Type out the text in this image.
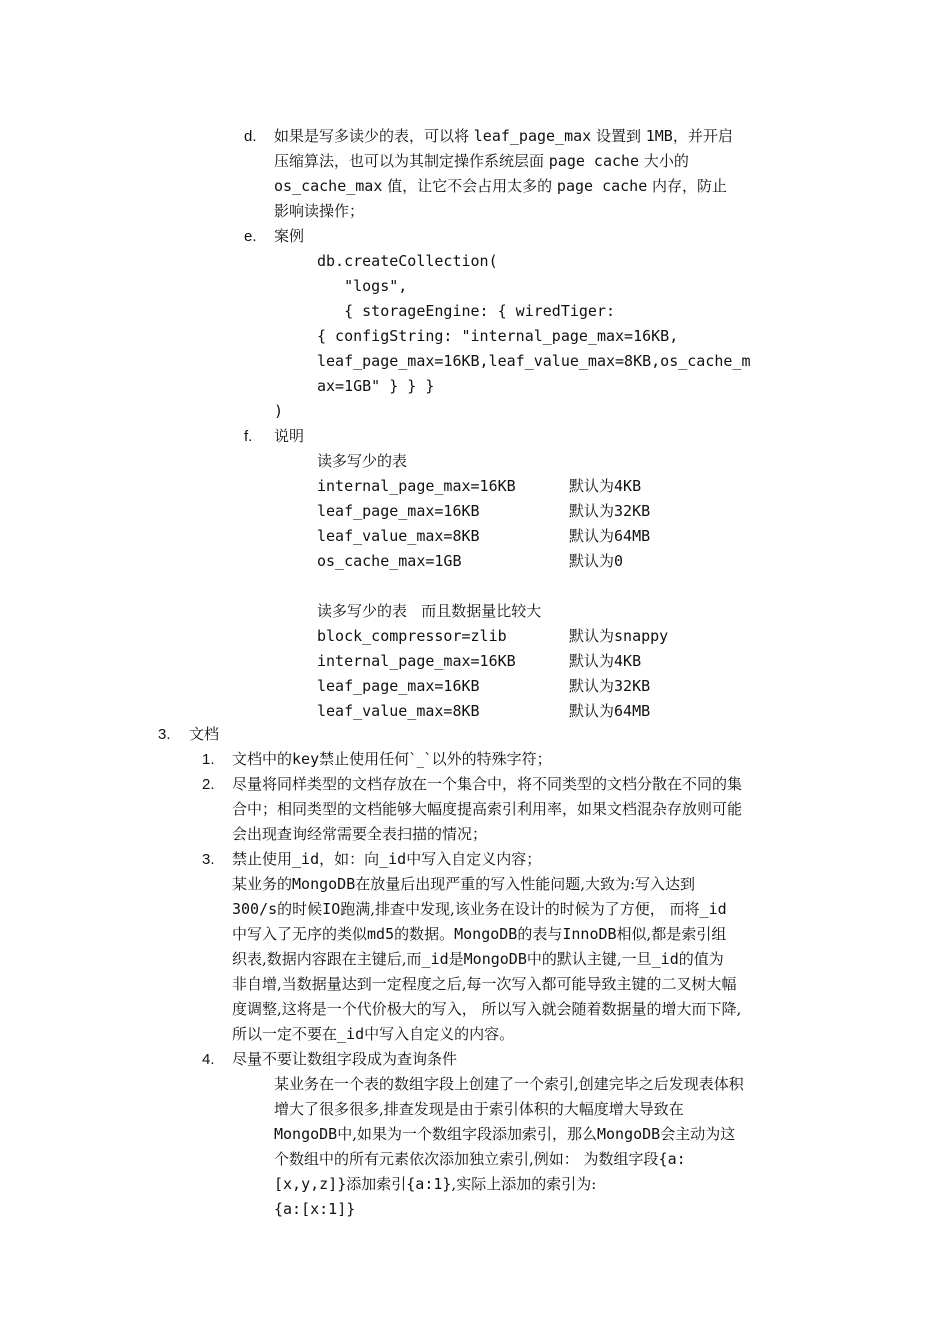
d. 如果是写多读少的表，可以将 leaf_page_max 设置到 1MB，并开启
压缩算法，也可以为其制定操作系统层面 page cache 大小的
os_cache_max 值，让它不会占用太多的 page cache 内存，防止
影响读操作；
e. 案例
db.createCollection(
"logs",
{ storageEngine: { wiredTiger:
{ configString: "internal_page_max=16KB,
leaf_page_max=16KB,leaf_value_max=8KB,os_cache_m
ax=1GB" } } }
)
f. 说明
读多写少的表
internal_page_max=16KB	默认为4KB
leaf_page_max=16KB	默认为32KB
leaf_value_max=8KB	默认为64MB
os_cache_max=1GB	默认为0
读多写少的表   而且数据量比较大
block_compressor=zlib	默认为snappy
internal_page_max=16KB	默认为4KB
leaf_page_max=16KB	默认为32KB
leaf_value_max=8KB	默认为64MB
3. 文档
1. 文档中的key禁止使用任何`_`以外的特殊字符；
2. 尽量将同样类型的文档存放在一个集合中，将不同类型的文档分散在不同的集
合中；相同类型的文档能够大幅度提高索引利用率，如果文档混杂存放则可能
会出现查询经常需要全表扫描的情况；
3. 禁止使用_id，如：向_id中写入自定义内容；
某业务的MongoDB在放量后出现严重的写入性能问题,大致为:写入达到
300/s的时候IO跑满,排查中发现,该业务在设计的时候为了方便， 而将_id
中写入了无序的类似md5的数据。MongoDB的表与InnoDB相似,都是索引组
织表,数据内容跟在主键后,而_id是MongoDB中的默认主键,一旦_id的值为
非自增,当数据量达到一定程度之后,每一次写入都可能导致主键的二叉树大幅
度调整,这将是一个代价极大的写入， 所以写入就会随着数据量的增大而下降,
所以一定不要在_id中写入自定义的内容。
4. 尽量不要让数组字段成为查询条件
某业务在一个表的数组字段上创建了一个索引,创建完毕之后发现表体积
增大了很多很多,排查发现是由于索引体积的大幅度增大导致在
MongoDB中,如果为一个数组字段添加索引，那么MongoDB会主动为这
个数组中的所有元素依次添加独立索引,例如： 为数组字段{a:
[x,y,z]}添加索引{a:1},实际上添加的索引为:
{a:[x:1]}
